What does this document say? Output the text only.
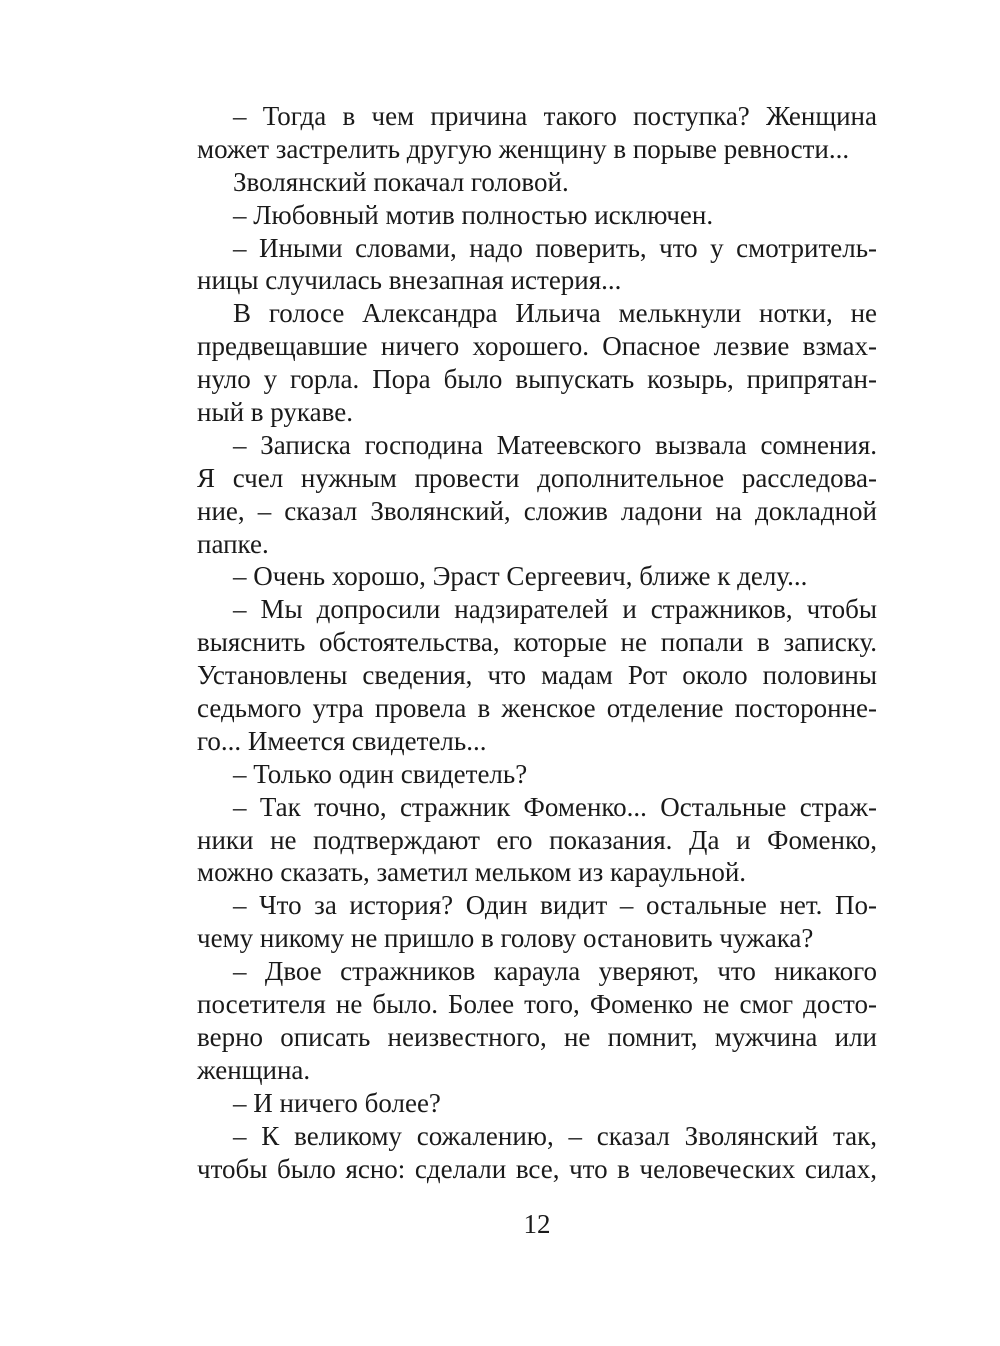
– Тогда в чем причина такого поступка? Женщина
может застрелить другую женщину в порыве ревности...
Зволянский покачал головой.
– Любовный мотив полностью исключен.
– Иными словами, надо поверить, что у смотритель-
ницы случилась внезапная истерия...
В голосе Александра Ильича мелькнули нотки, не
предвещавшие ничего хорошего. Опасное лезвие взмах-
нуло у горла. Пора было выпускать козырь, припрятан-
ный в рукаве.
– Записка господина Матеевского вызвала сомнения.
Я счел нужным провести дополнительное расследова-
ние, – сказал Зволянский, сложив ладони на докладной
папке.
– Очень хорошо, Эраст Сергеевич, ближе к делу...
– Мы допросили надзирателей и стражников, чтобы
выяснить обстоятельства, которые не попали в записку.
Установлены сведения, что мадам Рот около половины
седьмого утра провела в женское отделение посторонне-
го... Имеется свидетель...
– Только один свидетель?
– Так точно, стражник Фоменко... Остальные страж-
ники не подтверждают его показания. Да и Фоменко,
можно сказать, заметил мельком из караульной.
– Что за история? Один видит – остальные нет. По-
чему никому не пришло в голову остановить чужака?
– Двое стражников караула уверяют, что никакого
посетителя не было. Более того, Фоменко не смог досто-
верно описать неизвестного, не помнит, мужчина или
женщина.
– И ничего более?
– К великому сожалению, – сказал Зволянский так,
чтобы было ясно: сделали все, что в человеческих силах,
12
